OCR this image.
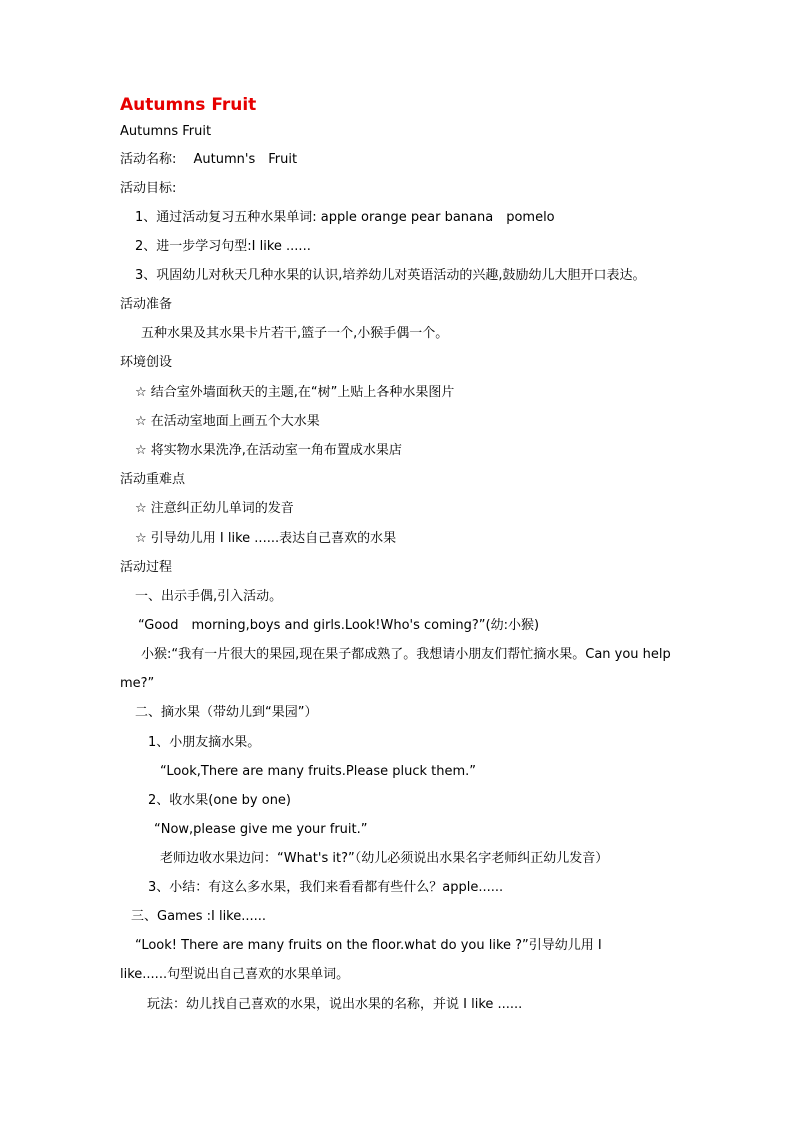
Autumns Fruit
Autumns Fruit
活动名称:　 Autumn's　Fruit
活动目标:
1、通过活动复习五种水果单词: apple orange pear banana　pomelo
2、进一步学习句型:I like ......
3、巩固幼儿对秋天几种水果的认识,培养幼儿对英语活动的兴趣,鼓励幼儿大胆开口表达。
活动准备
五种水果及其水果卡片若干,篮子一个,小猴手偶一个。
环境创设
☆ 结合室外墙面秋天的主题,在“树”上贴上各种水果图片
☆ 在活动室地面上画五个大水果
☆ 将实物水果洗净,在活动室一角布置成水果店
活动重难点
☆ 注意纠正幼儿单词的发音
☆ 引导幼儿用 I like ......表达自己喜欢的水果
活动过程
一、出示手偶,引入活动。
“Good　morning,boys and girls.Look!Who's coming?”(幼:小猴)
小猴:“我有一片很大的果园,现在果子都成熟了。我想请小朋友们帮忙摘水果。Can you help
me?”
二、摘水果（带幼儿到“果园”）
1、小朋友摘水果。
“Look,There are many fruits.Please pluck them.”
2、收水果(one by one)
“Now,please give me your fruit.”
老师边收水果边问：“What's it?”（幼儿必须说出水果名字老师纠正幼儿发音）
3、小结：有这么多水果，我们来看看都有些什么？apple......
三、Games :I like......
“Look! There are many fruits on the floor.what do you like ?”引导幼儿用 I
like......句型说出自己喜欢的水果单词。
玩法：幼儿找自己喜欢的水果，说出水果的名称，并说 I like ......
